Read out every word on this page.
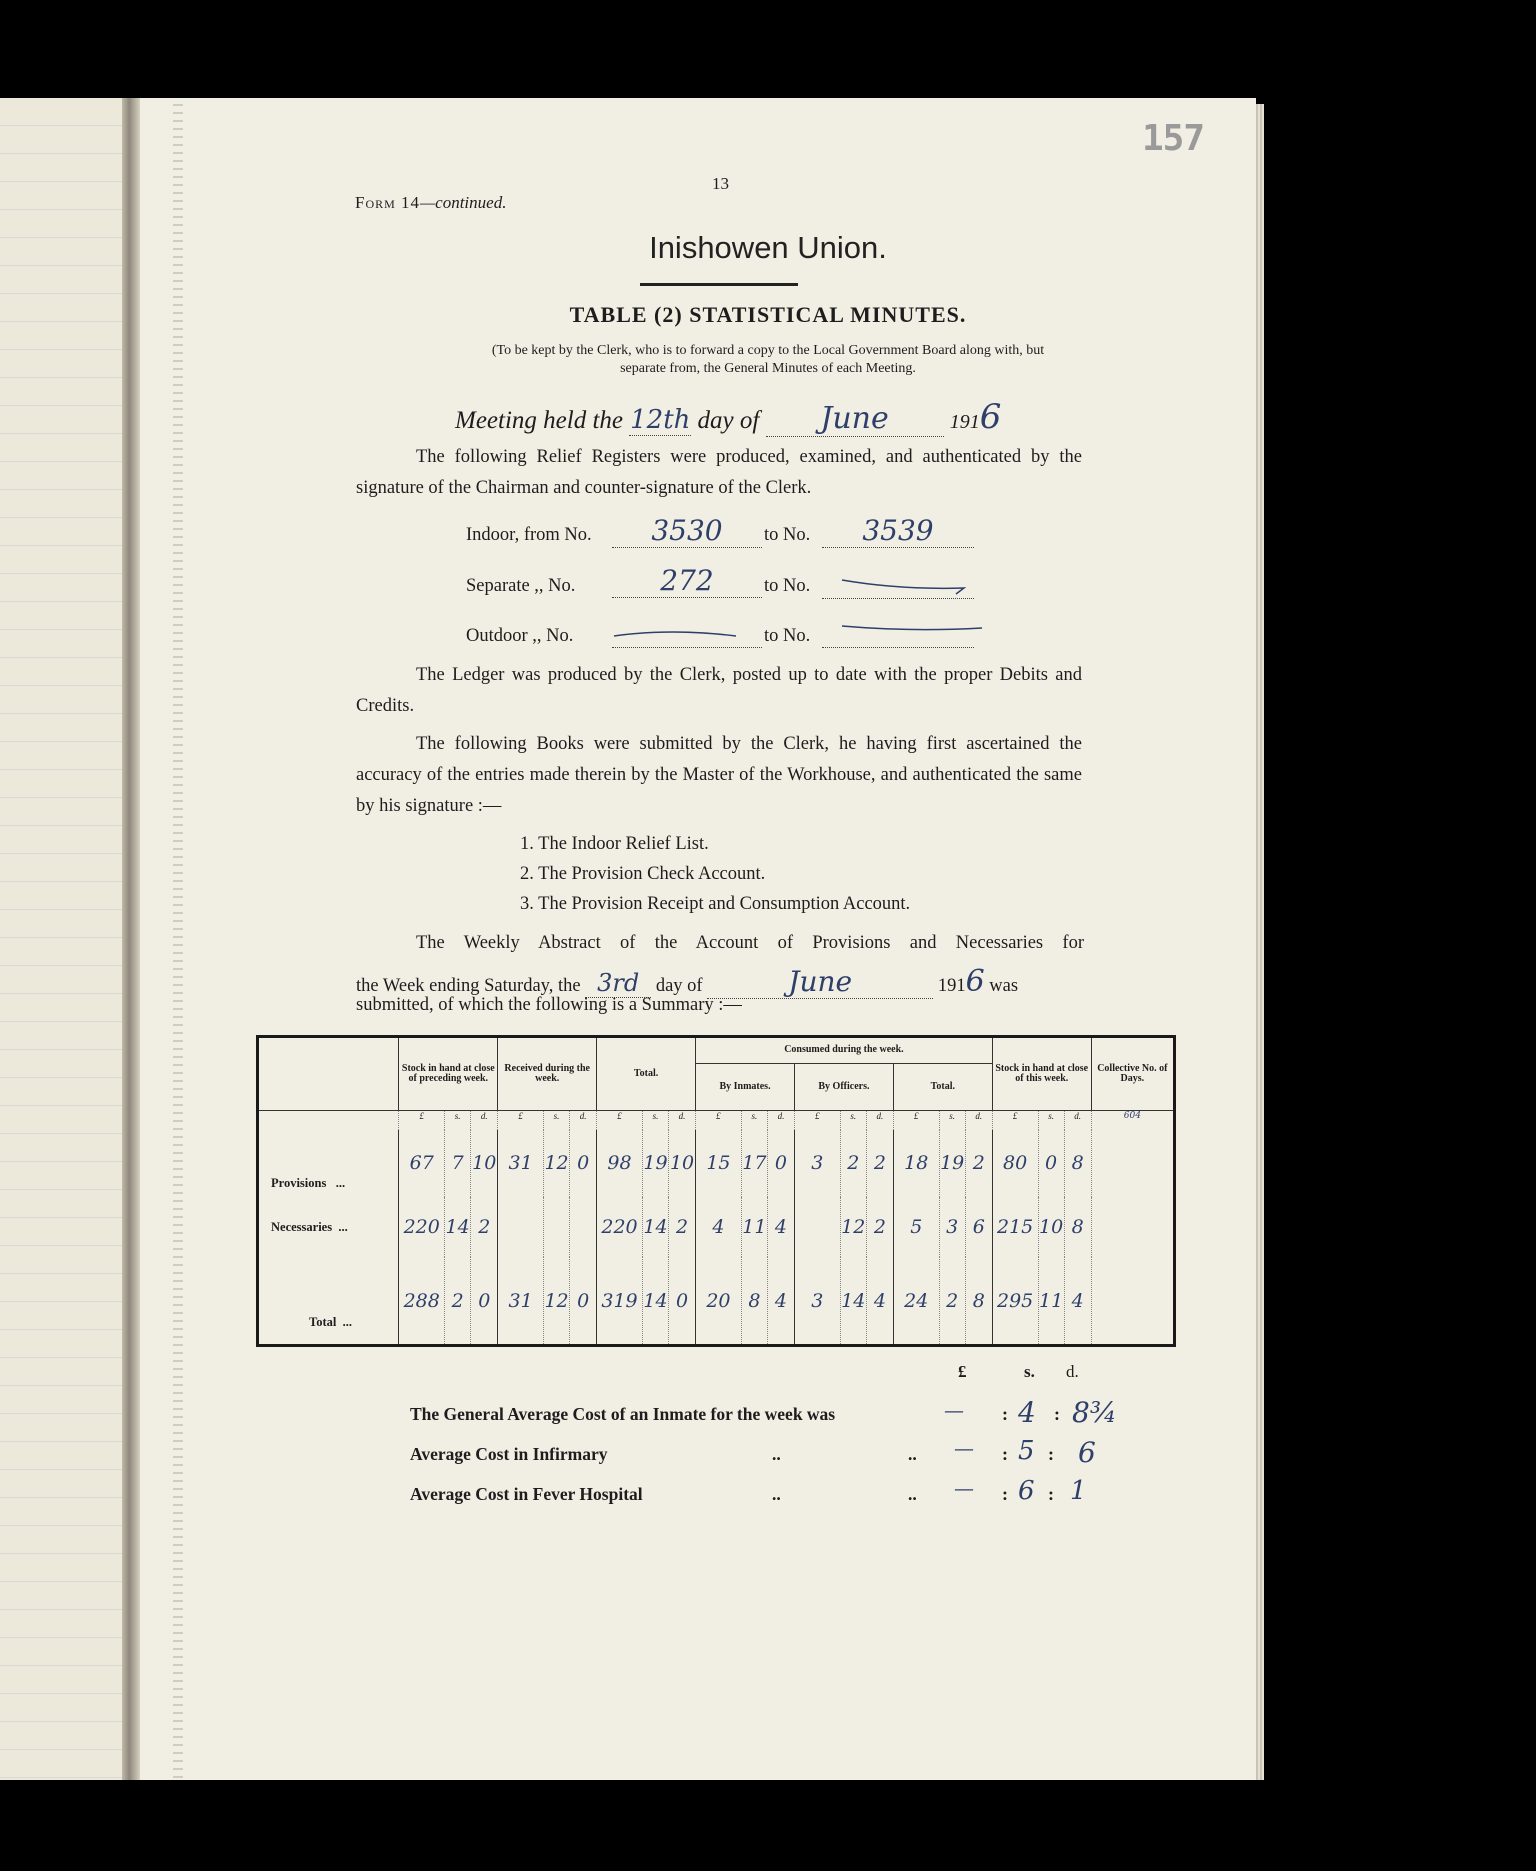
157
13
Form 14—continued.
Inishowen Union.
TABLE (2) STATISTICAL MINUTES.
(To be kept by the Clerk, who is to forward a copy to the Local Government Board along with, but
separate from, the General Minutes of each Meeting.
Meeting held the 12th day of June	1916
The following Relief Registers were produced, examined, and authenticated by the signature of the Chairman and counter-signature of the Clerk.
Indoor, from No.	3530	to No.	3539
Separate ,, No.	272	to No.
Outdoor ,, No.	to No.
The Ledger was produced by the Clerk, posted up to date with the proper Debits and Credits.
The following Books were submitted by the Clerk, he having first ascertained the accuracy of the entries made therein by the Master of the Workhouse, and authenticated the same by his signature :—
1. The Indoor Relief List.
2. The Provision Check Account.
3. The Provision Receipt and Consumption Account.
The Weekly Abstract of the Account of Provisions and Necessaries for
the Week ending Saturday, the 3rd day of	June	1916 was
submitted, of which the following is a Summary :—
	Stock in hand at close of preceding week.			Received during the week.			Total.			Consumed during the week.									Stock in hand at close of this week.			Collective No. of Days.
										By Inmates.			By Officers.			Total.						
	£	s.	d.	£	s.	d.	£	s.	d.	£	s.	d.	£	s.	d.	£	s.	d.	£	s.	d.	604
Provisions ...	67	7	10	31	12	0	98	19	10	15	17	0	3	2	2	18	19	2	80	0	8	
Necessaries ...	220	14	2				220	14	2	4	11	4		12	2	5	3	6	215	10	8	
Total ...	288	2	0	31	12	0	319	14	0	20	8	4	3	14	4	24	2	8	295	11	4	
£	s. d.
The General Average Cost of an Inmate for the week was	— : 4 : 8¾
Average Cost in Infirmary	..	.. — : 5 : 6
Average Cost in Fever Hospital	..	.. — : 6 : 1
